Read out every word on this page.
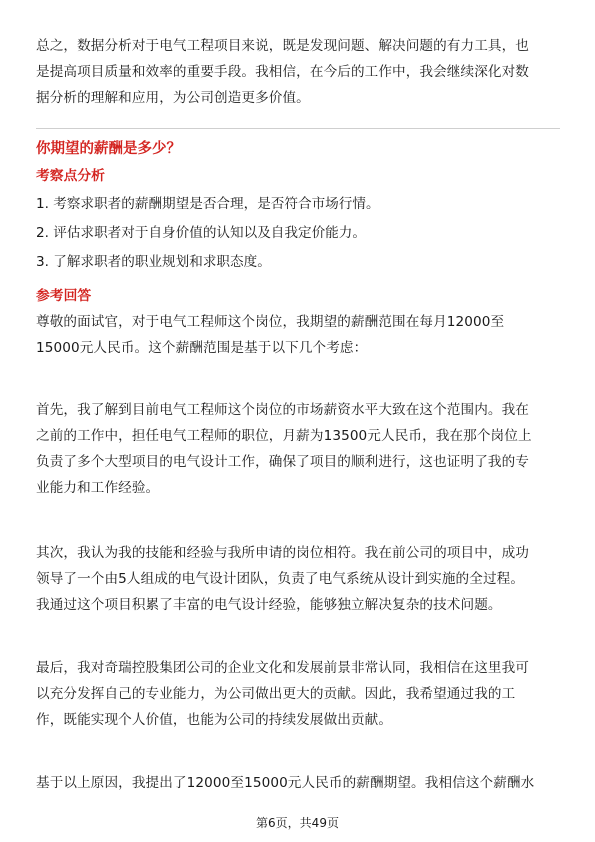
总之，数据分析对于电气工程项目来说，既是发现问题、解决问题的有力工具，也
是提高项目质量和效率的重要手段。我相信，在今后的工作中，我会继续深化对数
据分析的理解和应用，为公司创造更多价值。

你期望的薪酬是多少？
考察点分析
1. 考察求职者的薪酬期望是否合理，是否符合市场行情。
2. 评估求职者对于自身价值的认知以及自我定价能力。
3. 了解求职者的职业规划和求职态度。
参考回答

尊敬的面试官，对于电气工程师这个岗位，我期望的薪酬范围在每月12000至
15000元人民币。这个薪酬范围是基于以下几个考虑：

首先，我了解到目前电气工程师这个岗位的市场薪资水平大致在这个范围内。我在
之前的工作中，担任电气工程师的职位，月薪为13500元人民币，我在那个岗位上
负责了多个大型项目的电气设计工作，确保了项目的顺利进行，这也证明了我的专
业能力和工作经验。

其次，我认为我的技能和经验与我所申请的岗位相符。我在前公司的项目中，成功
领导了一个由5人组成的电气设计团队，负责了电气系统从设计到实施的全过程。
我通过这个项目积累了丰富的电气设计经验，能够独立解决复杂的技术问题。

最后，我对奇瑞控股集团公司的企业文化和发展前景非常认同，我相信在这里我可
以充分发挥自己的专业能力，为公司做出更大的贡献。因此，我希望通过我的工
作，既能实现个人价值，也能为公司的持续发展做出贡献。

基于以上原因，我提出了12000至15000元人民币的薪酬期望。我相信这个薪酬水

第6页，共49页
